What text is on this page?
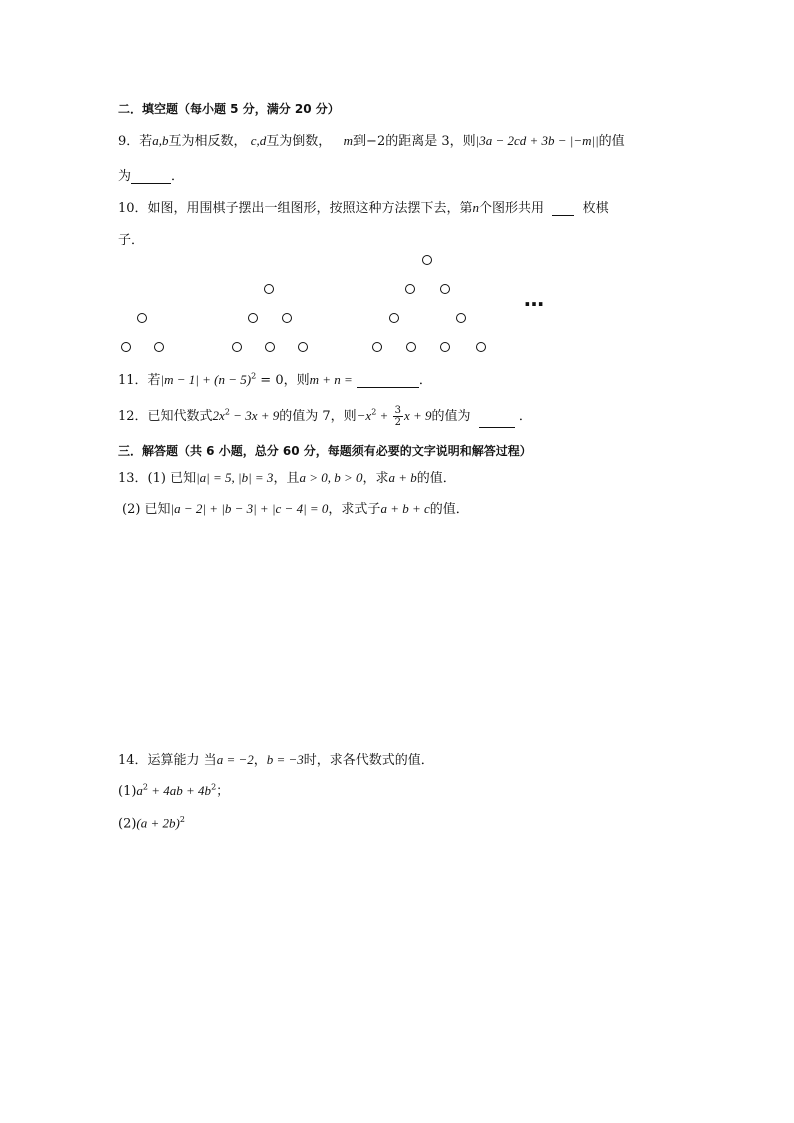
二．填空题（每小题 5 分，满分 20 分）
9．若a,b互为相反数， c,d互为倒数， m到−2的距离是 3，则|3a − 2cd + 3b − |−m||的值
为	．
10．如图，用围棋子摆出一组图形，按照这种方法摆下去，第n个图形共用	枚棋
子．
…
11．若$|m - 1| + (n - 5)^2 = 0$，则m + n =	．
12．已知代数式$2x^2 - 3x + 9$的值为 7，则$-x^2 + \frac{3}{2}$ x + 9的值为	．
三．解答题（共 6 小题，总分 60 分，每题须有必要的文字说明和解答过程）
13．(1) 已知|a| = 5, |b| = 3，且a > 0, b > 0，求a + b的值．
(2) 已知|a − 2| + |b − 3| + |c − 4| = 0，求式子a + b + c的值．
14．运算能力 当a = −2，b = −3时，求各代数式的值．
$(1)a^2 + 4ab + 4b^2$；
$(2)(a + 2b)^2$
